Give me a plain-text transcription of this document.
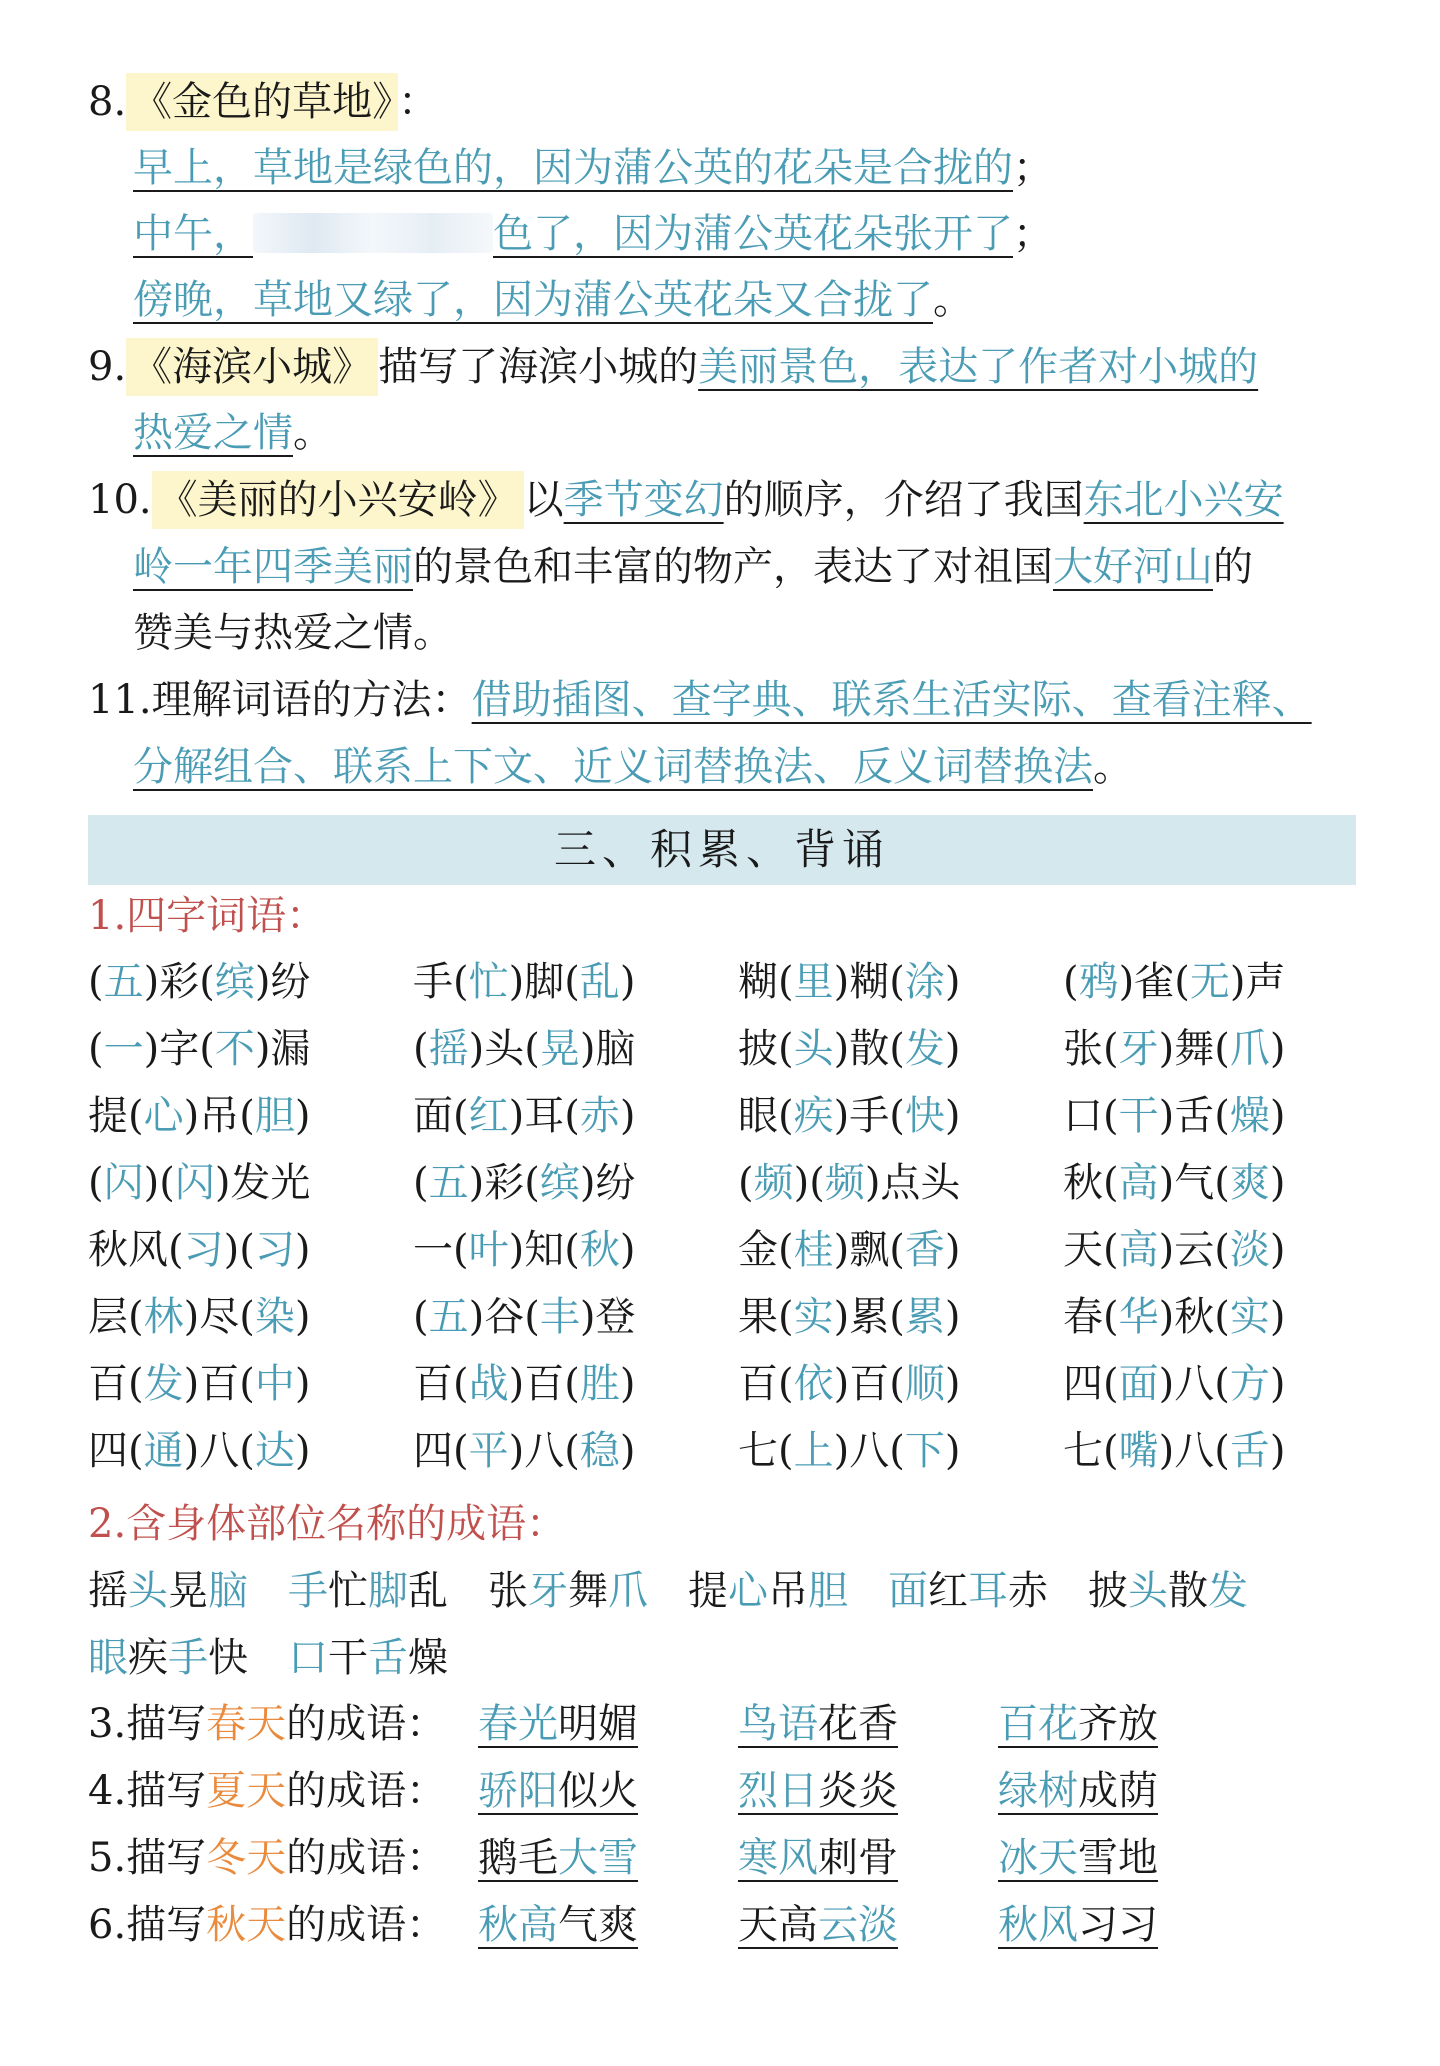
8. 《金色的草地》 ：
早上，草地是绿色的，因为蒲公英的花朵是合拢的；
中午，	色了，因为蒲公英花朵张开了；
傍晚，草地又绿了，因为蒲公英花朵又合拢了。
9. 《海滨小城》 描写了海滨小城的美丽景色，表达了作者对小城的
热爱之情。
10. 《美丽的小兴安岭》 以季节变幻的顺序，介绍了我国东北小兴安
岭一年四季美丽的景色和丰富的物产，表达了对祖国大好河山的
赞美与热爱之情。
11.理解词语的方法：借助插图、查字典、联系生活实际、查看注释、
分解组合、联系上下文、近义词替换法、反义词替换法。
三、积累、背诵
1.四字词语：
(五)彩(缤)纷	手(忙)脚(乱)	糊(里)糊(涂)	(鸦)雀(无)声
(一)字(不)漏	(摇)头(晃)脑	披(头)散(发)	张(牙)舞(爪)
提(心)吊(胆)	面(红)耳(赤)	眼(疾)手(快)	口(干)舌(燥)
(闪)(闪)发光	(五)彩(缤)纷	(频)(频)点头	秋(高)气(爽)
秋风(习)(习)	一(叶)知(秋)	金(桂)飘(香)	天(高)云(淡)
层(林)尽(染)	(五)谷(丰)登	果(实)累(累)	春(华)秋(实)
百(发)百(中)	百(战)百(胜)	百(依)百(顺)	四(面)八(方)
四(通)八(达)	四(平)八(稳)	七(上)八(下)	七(嘴)八(舌)
2.含身体部位名称的成语：
摇头晃脑 手忙脚乱 张牙舞爪 提心吊胆 面红耳赤 披头散发
眼疾手快 口干舌燥
3.描写春天的成语： 春光明媚	鸟语花香	百花齐放
4.描写夏天的成语： 骄阳似火	烈日炎炎	绿树成荫
5.描写冬天的成语： 鹅毛大雪	寒风刺骨	冰天雪地
6.描写秋天的成语： 秋高气爽	天高云淡	秋风习习
